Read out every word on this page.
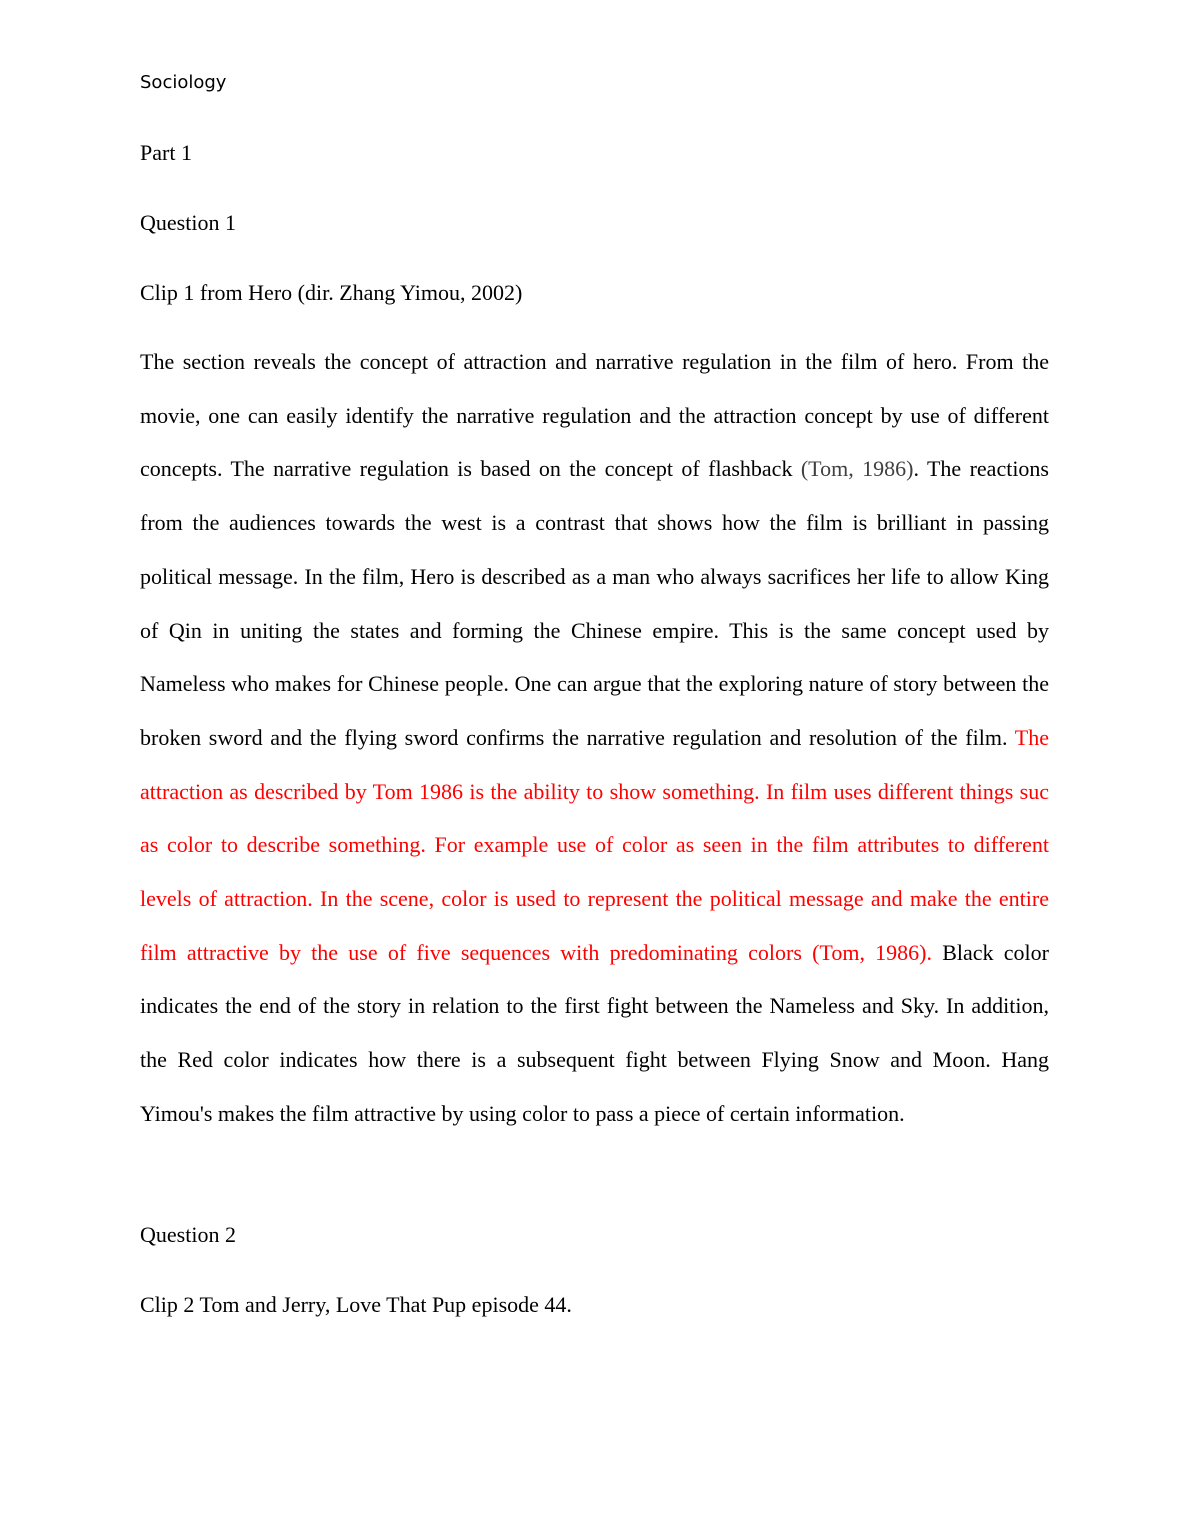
Sociology
Part 1
Question 1
Clip 1 from Hero (dir. Zhang Yimou, 2002)
The section reveals the concept of attraction and narrative regulation in the film of hero. From the movie, one can easily identify the narrative regulation and the attraction concept by use of different concepts. The narrative regulation is based on the concept of flashback (Tom, 1986). The reactions from the audiences towards the west is a contrast that shows how the film is brilliant in passing political message. In the film, Hero is described as a man who always sacrifices her life to allow King of Qin in uniting the states and forming the Chinese empire. This is the same concept used by Nameless who makes for Chinese people. One can argue that the exploring nature of story between the broken sword and the flying sword confirms the narrative regulation and resolution of the film. The attraction as described by Tom 1986 is the ability to show something. In film uses different things suc as color to describe something. For example use of color as seen in the film attributes to different levels of attraction. In the scene, color is used to represent the political message and make the entire film attractive by the use of five sequences with predominating colors (Tom, 1986). Black color indicates the end of the story in relation to the first fight between the Nameless and Sky. In addition, the Red color indicates how there is a subsequent fight between Flying Snow and Moon. Hang Yimou's makes the film attractive by using color to pass a piece of certain information.
Question 2
Clip 2 Tom and Jerry, Love That Pup episode 44.
